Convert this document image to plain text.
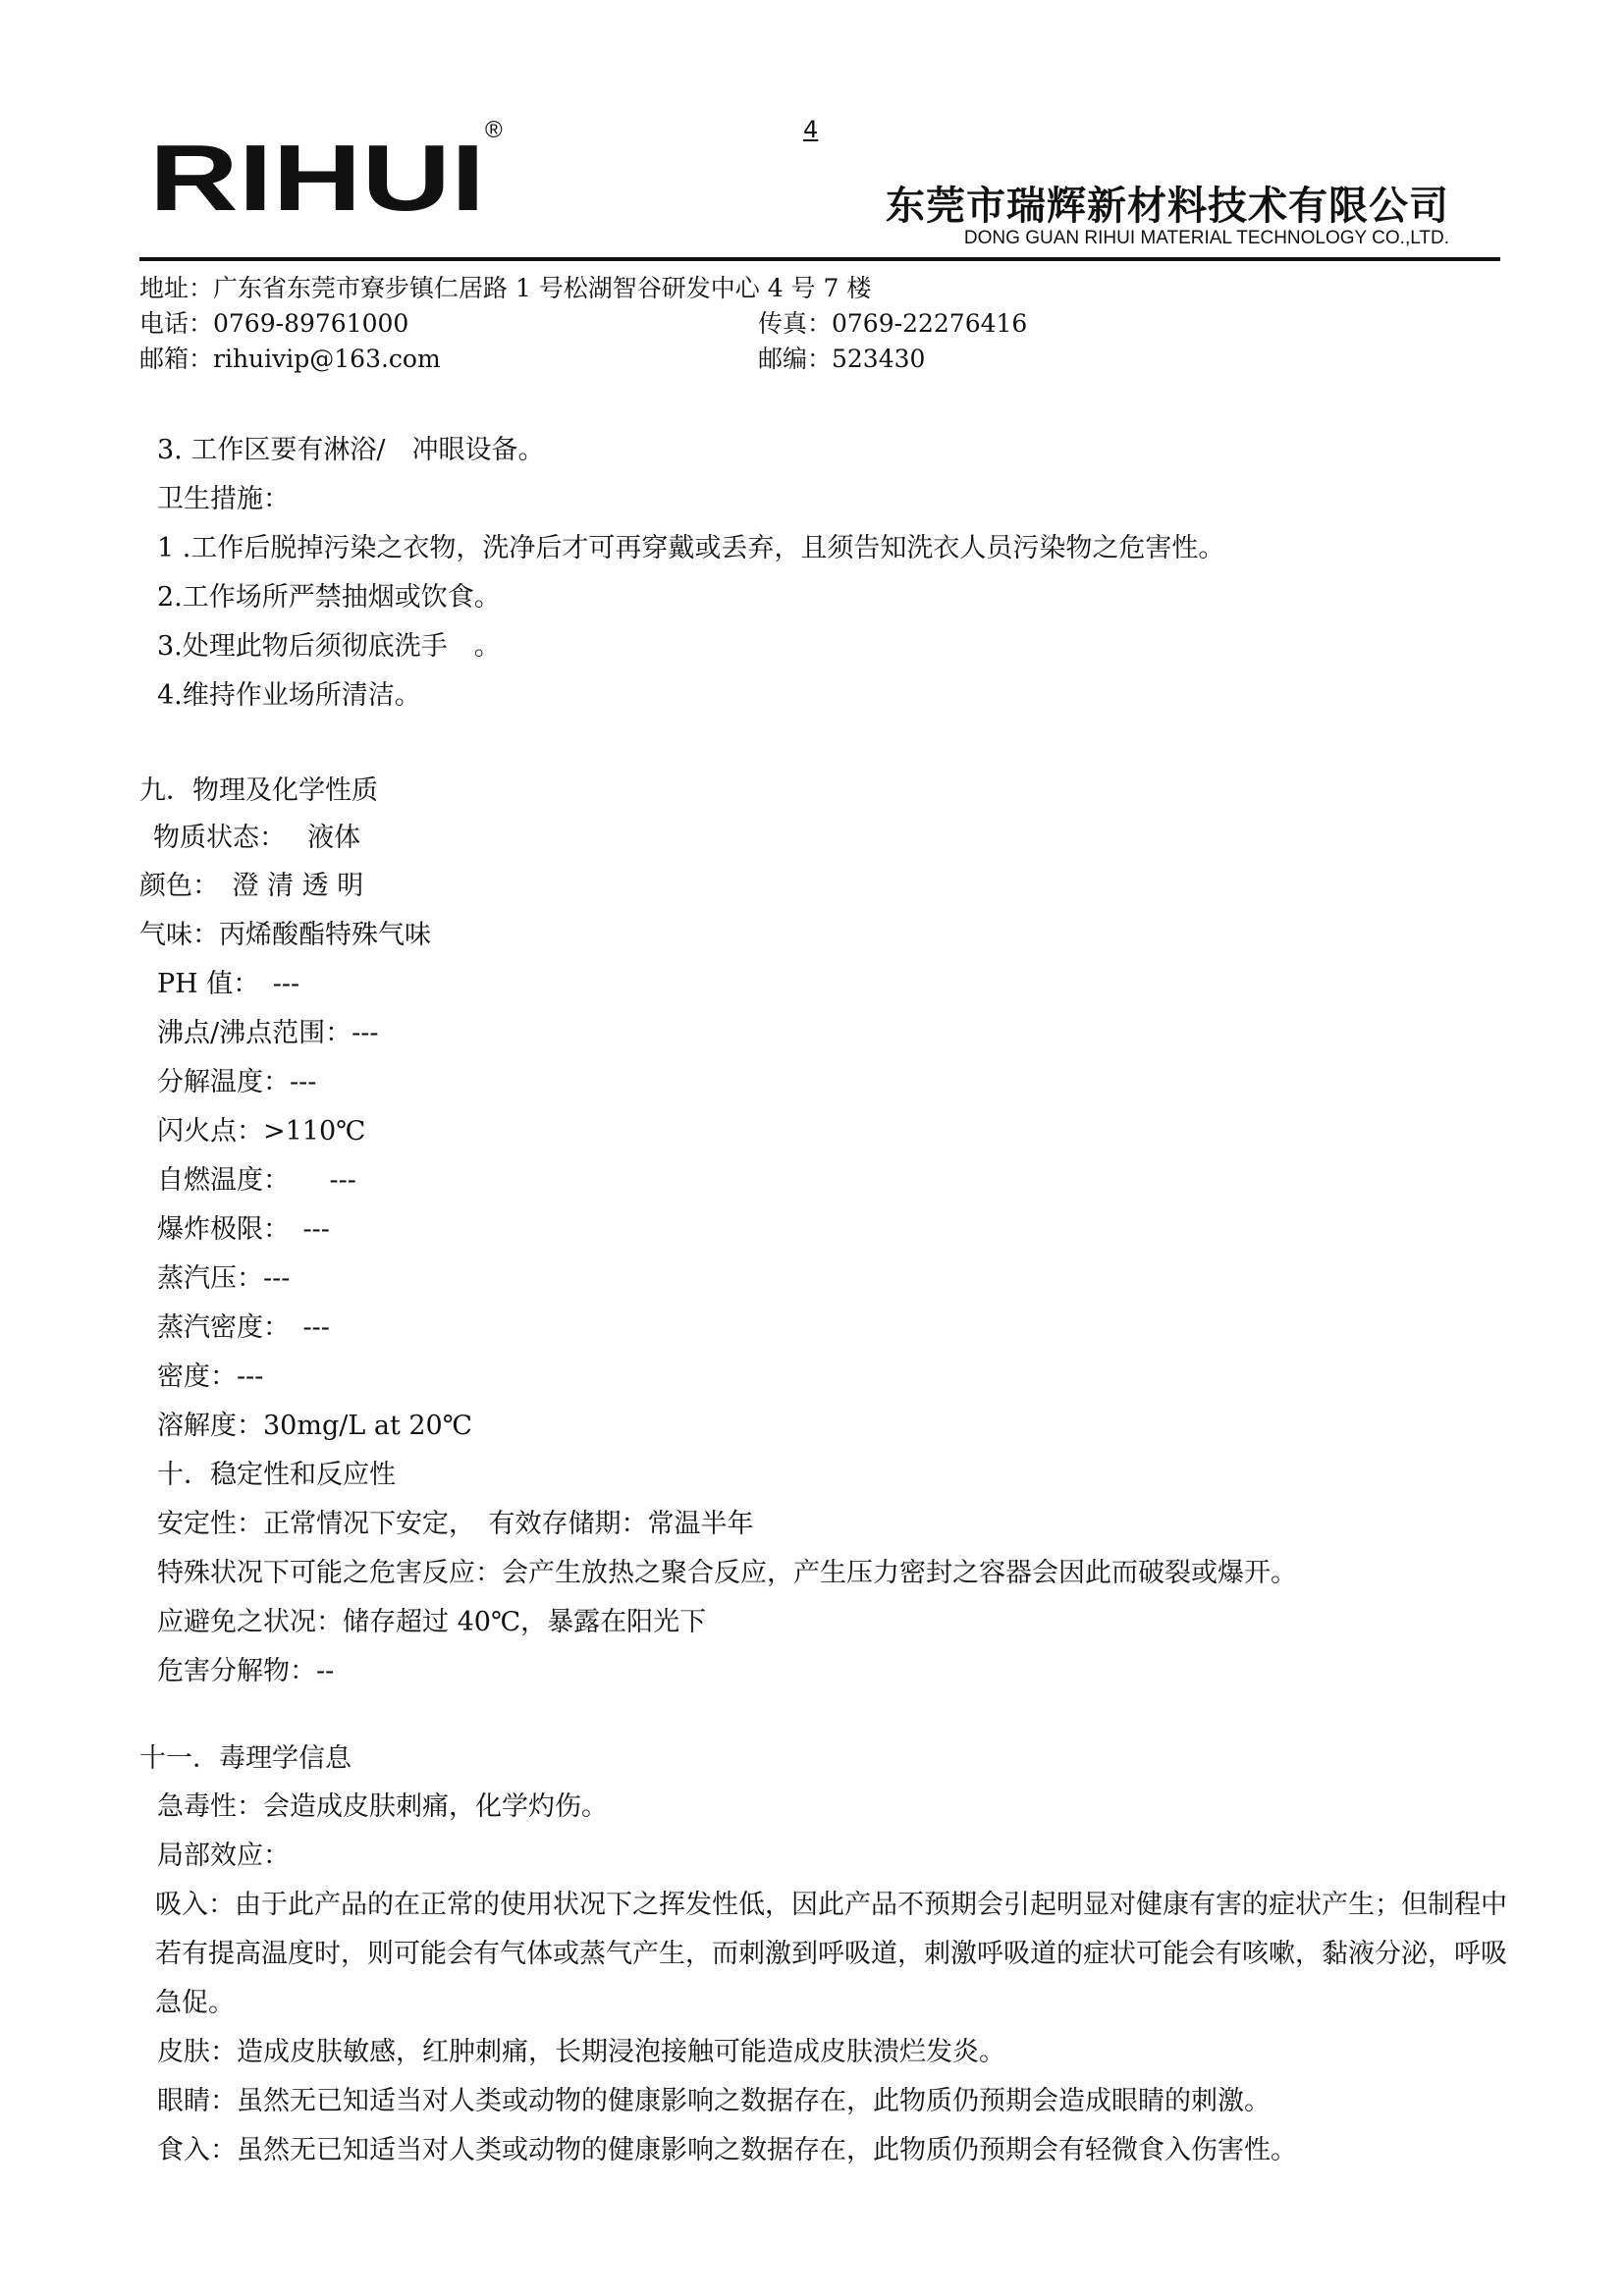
RIHUI ®	4
东莞市瑞辉新材料技术有限公司
DONG GUAN RIHUI MATERIAL TECHNOLOGY CO.,LTD.
地址：广东省东莞市寮步镇仁居路 1 号松湖智谷研发中心 4 号 7 楼
电话：0769-89761000	传真：0769-22276416
邮箱：rihuivip@163.com	邮编：523430
3. 工作区要有淋浴/　冲眼设备。
卫生措施：
1 .工作后脱掉污染之衣物，洗净后才可再穿戴或丢弃，且须告知洗衣人员污染物之危害性。
2.工作场所严禁抽烟或饮食。
3.处理此物后须彻底洗手　。
4.维持作业场所清洁。
九．物理及化学性质
物质状态：　 液体
颜色：　澄 清 透 明
气味：丙烯酸酯特殊气味
PH 值：　---
沸点/沸点范围：---
分解温度：---
闪火点：>110℃
自燃温度：　　---
爆炸极限：　---
蒸汽压：---
蒸汽密度：　---
密度：---
溶解度：30mg/L at 20℃
十．稳定性和反应性
安定性：正常情况下安定，　有效存储期：常温半年
特殊状况下可能之危害反应：会产生放热之聚合反应，产生压力密封之容器会因此而破裂或爆开。
应避免之状况：储存超过 40℃，暴露在阳光下
危害分解物：--
十一．毒理学信息
急毒性：会造成皮肤刺痛，化学灼伤。
局部效应：
吸入：由于此产品的在正常的使用状况下之挥发性低，因此产品不预期会引起明显对健康有害的症状产生；但制程中若有提高温度时，则可能会有气体或蒸气产生，而刺激到呼吸道，刺激呼吸道的症状可能会有咳嗽，黏液分泌，呼吸急促。
皮肤：造成皮肤敏感，红肿刺痛，长期浸泡接触可能造成皮肤溃烂发炎。
眼睛：虽然无已知适当对人类或动物的健康影响之数据存在，此物质仍预期会造成眼睛的刺激。
食入：虽然无已知适当对人类或动物的健康影响之数据存在，此物质仍预期会有轻微食入伤害性。
